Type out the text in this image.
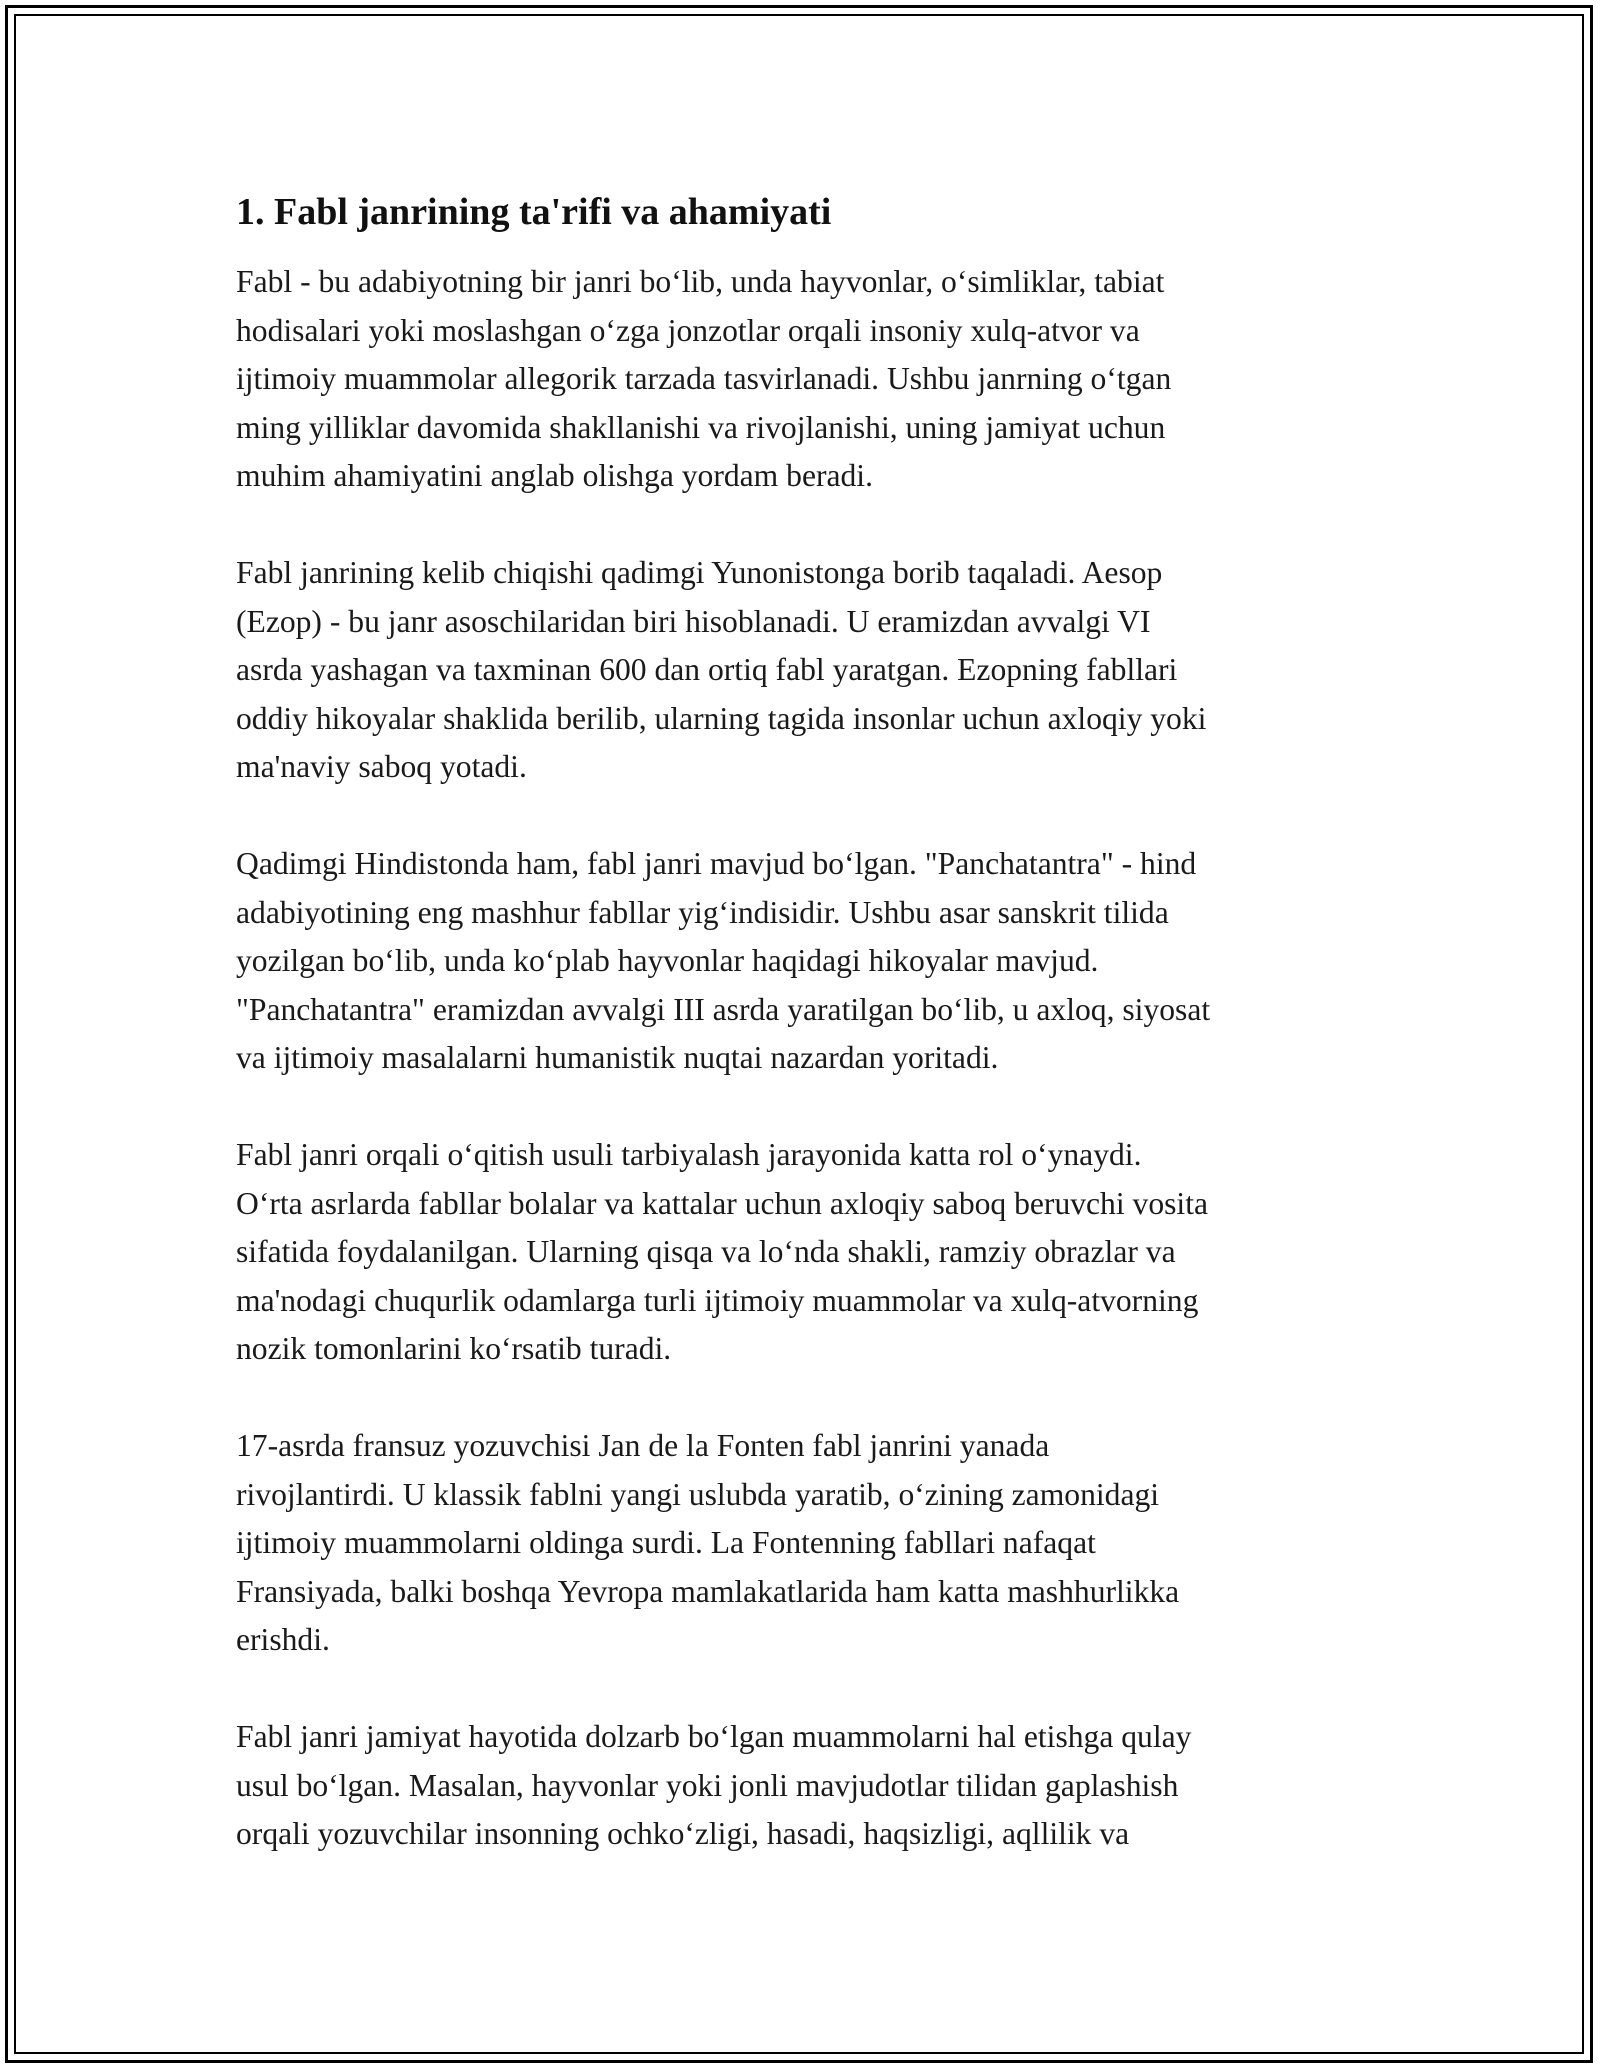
1. Fabl janrining ta'rifi va ahamiyati
Fabl - bu adabiyotning bir janri bo‘lib, unda hayvonlar, o‘simliklar, tabiat
hodisalari yoki moslashgan o‘zga jonzotlar orqali insoniy xulq-atvor va
ijtimoiy muammolar allegorik tarzada tasvirlanadi. Ushbu janrning o‘tgan
ming yilliklar davomida shakllanishi va rivojlanishi, uning jamiyat uchun
muhim ahamiyatini anglab olishga yordam beradi.
Fabl janrining kelib chiqishi qadimgi Yunonistonga borib taqaladi. Aesop
(Ezop) - bu janr asoschilaridan biri hisoblanadi. U eramizdan avvalgi VI
asrda yashagan va taxminan 600 dan ortiq fabl yaratgan. Ezopning fabllari
oddiy hikoyalar shaklida berilib, ularning tagida insonlar uchun axloqiy yoki
ma'naviy saboq yotadi.
Qadimgi Hindistonda ham, fabl janri mavjud bo‘lgan. "Panchatantra" - hind
adabiyotining eng mashhur fabllar yig‘indisidir. Ushbu asar sanskrit tilida
yozilgan bo‘lib, unda ko‘plab hayvonlar haqidagi hikoyalar mavjud.
"Panchatantra" eramizdan avvalgi III asrda yaratilgan bo‘lib, u axloq, siyosat
va ijtimoiy masalalarni humanistik nuqtai nazardan yoritadi.
Fabl janri orqali o‘qitish usuli tarbiyalash jarayonida katta rol o‘ynaydi.
O‘rta asrlarda fabllar bolalar va kattalar uchun axloqiy saboq beruvchi vosita
sifatida foydalanilgan. Ularning qisqa va lo‘nda shakli, ramziy obrazlar va
ma'nodagi chuqurlik odamlarga turli ijtimoiy muammolar va xulq-atvorning
nozik tomonlarini ko‘rsatib turadi.
17-asrda fransuz yozuvchisi Jan de la Fonten fabl janrini yanada
rivojlantirdi. U klassik fablni yangi uslubda yaratib, o‘zining zamonidagi
ijtimoiy muammolarni oldinga surdi. La Fontenning fabllari nafaqat
Fransiyada, balki boshqa Yevropa mamlakatlarida ham katta mashhurlikka
erishdi.
Fabl janri jamiyat hayotida dolzarb bo‘lgan muammolarni hal etishga qulay
usul bo‘lgan. Masalan, hayvonlar yoki jonli mavjudotlar tilidan gaplashish
orqali yozuvchilar insonning ochko‘zligi, hasadi, haqsizligi, aqllilik va
